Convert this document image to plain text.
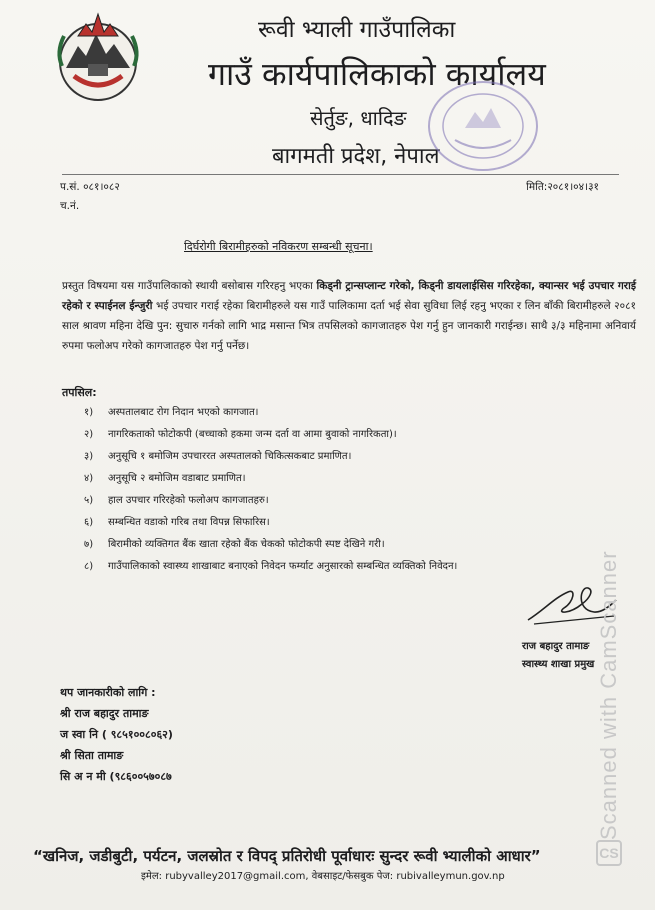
रूवी भ्याली गाउँपालिका
गाउँ कार्यपालिकाको कार्यालय
सेर्तुङ, धादिङ
बागमती प्रदेश, नेपाल
प.सं. ०८१।०८२
च.नं.
मिति:२०८१।०४।३१
दिर्घरोगी बिरामीहरुको नविकरण सम्बन्धी सूचना।
प्रस्तुत विषयमा यस गाउँपालिकाको स्थायी बसोबास गरिरहनु भएका किड्नी ट्रान्सप्लान्ट गरेको, किड्नी डायलाईसिस गरिरहेका, क्यान्सर भई उपचार गराई रहेको र स्पाईनल ईन्जुरी भई उपचार गराई रहेका बिरामीहरुले यस गाउँ पालिकामा दर्ता भई सेवा सुविधा लिई रहनु भएका र लिन बाँकी बिरामीहरुले २०८१ साल श्रावण महिना देखि पुन: सुचारु गर्नको लागि भाद्र मसान्त भित्र तपसिलको कागजातहरु पेश गर्नु हुन जानकारी गराईन्छ। साथै ३/३ महिनामा अनिवार्य रुपमा फलोअप गरेको कागजातहरु पेश गर्नु पर्नेछ।
तपसिल:
१) अस्पतालबाट रोग निदान भएको कागजात।
२) नागरिकताको फोटोकपी (बच्चाको हकमा जन्म दर्ता वा आमा बुवाको नागरिकता)।
३) अनुसूचि १ बमोजिम उपचाररत अस्पतालको चिकित्सकबाट प्रमाणित।
४) अनुसूचि २ बमोजिम वडाबाट प्रमाणित।
५) हाल उपचार गरिरहेको फलोअप कागजातहरु।
६) सम्बन्धित वडाको गरिब तथा विपन्न सिफारिस।
७) बिरामीको व्यक्तिगत बैंक खाता रहेको बैंक चेकको फोटोकपी स्पष्ट देखिने गरी।
८) गाउँपालिकाको स्वास्थ्य शाखाबाट बनाएको निवेदन फर्म्याट अनुसारको सम्बन्धित व्यक्तिको निवेदन।
राज बहादुर तामाङ
स्वास्थ्य शाखा प्रमुख
थप जानकारीको लागि :
श्री राज बहादुर तामाङ
ज स्वा नि ( ९८५१००८०६२)
श्री सिता तामाङ
सि अ न मी (९८६००५७०८७	Scanned with CamScanner
CS
“खनिज, जडीबुटी, पर्यटन, जलस्रोत र विपद् प्रतिरोधी पूर्वाधारः सुन्दर रूवी भ्यालीको आधार”
इमेल: rubyvalley2017@gmail.com, वेबसाइट/फेसबुक पेज: rubivalleymun.gov.np
